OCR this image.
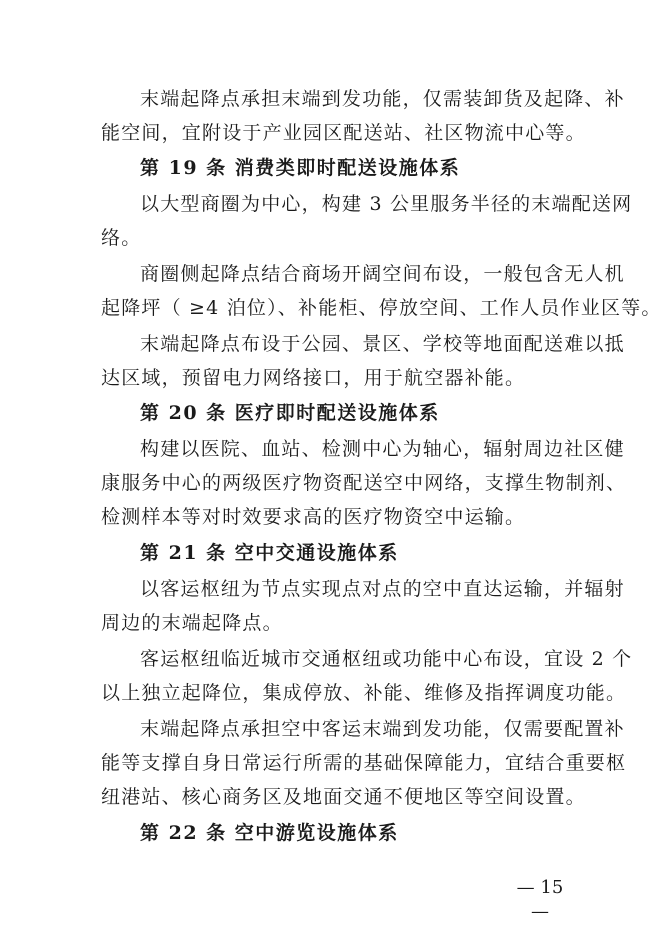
末端起降点承担末端到发功能，仅需装卸货及起降、补
能空间，宜附设于产业园区配送站、社区物流中心等。
第 19 条 消费类即时配送设施体系
以大型商圈为中心，构建 3 公里服务半径的末端配送网
络。
商圈侧起降点结合商场开阔空间布设，一般包含无人机
起降坪（ ≥4 泊位）、补能柜、停放空间、工作人员作业区等。
末端起降点布设于公园、景区、学校等地面配送难以抵
达区域，预留电力网络接口，用于航空器补能。
第 20 条 医疗即时配送设施体系
构建以医院、血站、检测中心为轴心，辐射周边社区健
康服务中心的两级医疗物资配送空中网络，支撑生物制剂、
检测样本等对时效要求高的医疗物资空中运输。
第 21 条 空中交通设施体系
以客运枢纽为节点实现点对点的空中直达运输，并辐射
周边的末端起降点。
客运枢纽临近城市交通枢纽或功能中心布设，宜设 2 个
以上独立起降位，集成停放、补能、维修及指挥调度功能。
末端起降点承担空中客运末端到发功能，仅需要配置补
能等支撑自身日常运行所需的基础保障能力，宜结合重要枢
纽港站、核心商务区及地面交通不便地区等空间设置。
第 22 条 空中游览设施体系
— 15 —
